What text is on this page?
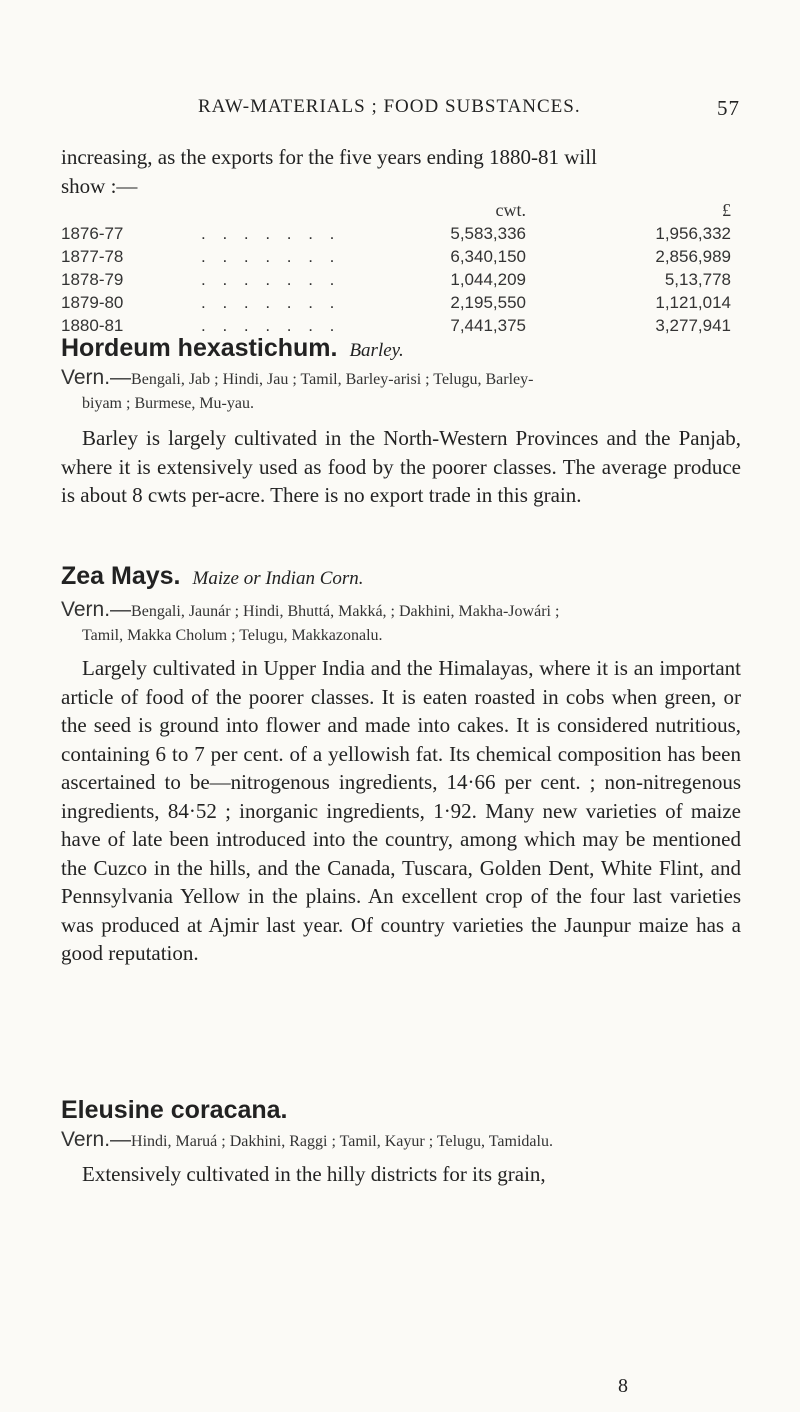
RAW-MATERIALS ; FOOD SUBSTANCES.	57
increasing, as the exports for the five years ending 1880-81 will
show :—
		cwt.	£
1876-77	. . . . . . .	5,583,336	1,956,332
1877-78	. . . . . . .	6,340,150	2,856,989
1878-79	. . . . . . .	1,044,209	5,13,778
1879-80	. . . . . . .	2,195,550	1,121,014
1880-81	. . . . . . .	7,441,375	3,277,941
Hordeum hexastichum. Barley.
Vern.—Bengali, Jab ; Hindi, Jau ; Tamil, Barley-arisi ; Telugu, Barley-
biyam ; Burmese, Mu-yau.
Barley is largely cultivated in the North-Western Provinces and the Panjab, where it is extensively used as food by the poorer classes. The average produce is about 8 cwts per-acre. There is no export trade in this grain.
Zea Mays. Maize or Indian Corn.
Vern.—Bengali, Jaunár ; Hindi, Bhuttá, Makká, ; Dakhini, Makha-Jowári ;
Tamil, Makka Cholum ; Telugu, Makkazonalu.
Largely cultivated in Upper India and the Himalayas, where it is an important article of food of the poorer classes. It is eaten roasted in cobs when green, or the seed is ground into flower and made into cakes. It is considered nutritious, containing 6 to 7 per cent. of a yellowish fat. Its chemical composition has been ascertained to be—nitrogenous ingredients, 14·66 per cent. ; non-nitregenous ingredients, 84·52 ; inorganic ingredients, 1·92. Many new varieties of maize have of late been introduced into the country, among which may be mentioned the Cuzco in the hills, and the Canada, Tuscara, Golden Dent, White Flint, and Pennsylvania Yellow in the plains. An excellent crop of the four last varieties was produced at Ajmir last year. Of country varieties the Jaunpur maize has a good reputation.
Eleusine coracana.
Vern.—Hindi, Maruá ; Dakhini, Raggi ; Tamil, Kayur ; Telugu, Tamidalu.
Extensively cultivated in the hilly districts for its grain,
8
